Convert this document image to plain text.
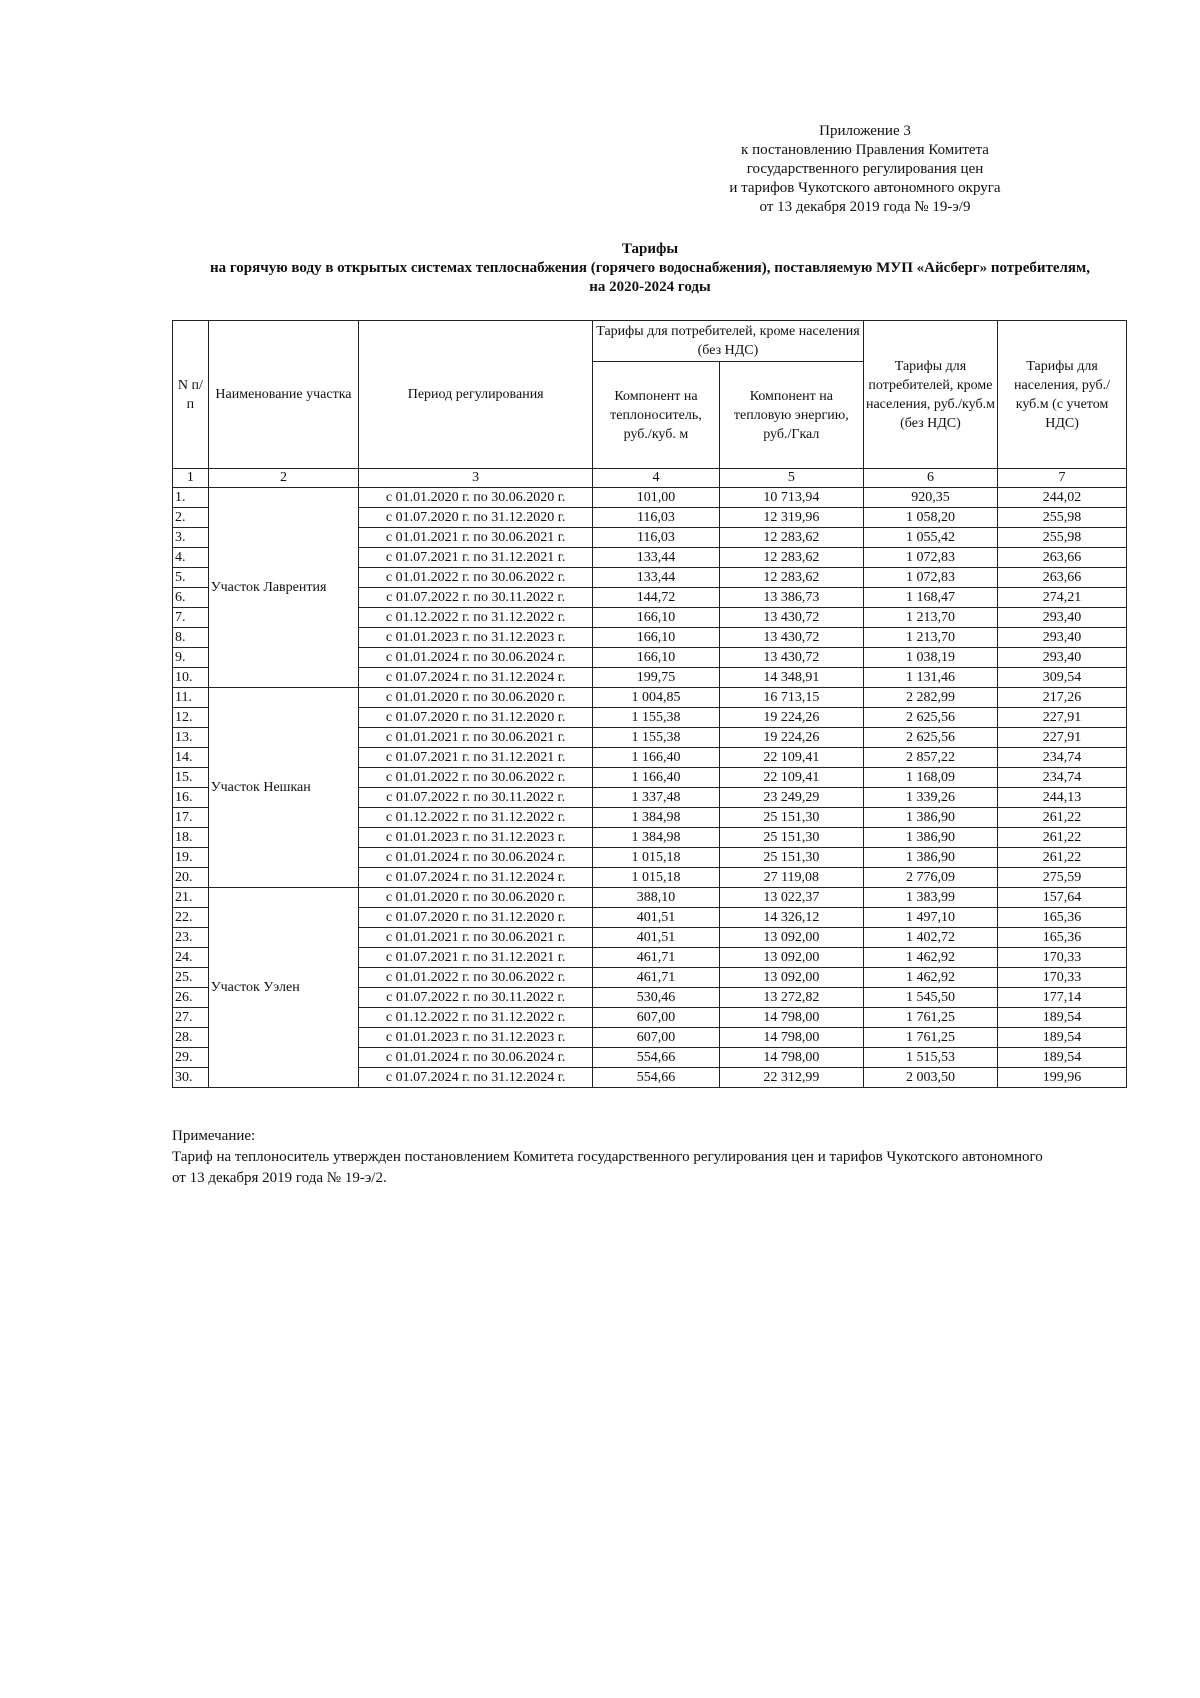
Приложение 3
к постановлению Правления Комитета
государственного регулирования цен
и тарифов Чукотского автономного округа
от 13 декабря 2019 года № 19-э/9
Тарифы
на горячую воду в открытых системах теплоснабжения (горячего водоснабжения), поставляемую МУП «Айсберг» потребителям,
на 2020-2024 годы
N п/п	Наименование участка	Период регулирования	Тарифы для потребителей, кроме населения (без НДС)		Тарифы для потребителей, кроме населения, руб./куб.м (без НДС)	Тарифы для населения, руб./куб.м (с учетом НДС)
			Компонент на теплоноситель, руб./куб. м	Компонент на тепловую энергию, руб./Гкал		
1	2	3	4	5	6	7
1.	Участок Лаврентия	с 01.01.2020 г. по 30.06.2020 г.	101,00	10 713,94	920,35	244,02
2.		с 01.07.2020 г. по 31.12.2020 г.	116,03	12 319,96	1 058,20	255,98
3.		с 01.01.2021 г. по 30.06.2021 г.	116,03	12 283,62	1 055,42	255,98
4.		с 01.07.2021 г. по 31.12.2021 г.	133,44	12 283,62	1 072,83	263,66
5.		с 01.01.2022 г. по 30.06.2022 г.	133,44	12 283,62	1 072,83	263,66
6.		с 01.07.2022 г. по 30.11.2022 г.	144,72	13 386,73	1 168,47	274,21
7.		с 01.12.2022 г. по 31.12.2022 г.	166,10	13 430,72	1 213,70	293,40
8.		с 01.01.2023 г. по 31.12.2023 г.	166,10	13 430,72	1 213,70	293,40
9.		с 01.01.2024 г. по 30.06.2024 г.	166,10	13 430,72	1 038,19	293,40
10.		с 01.07.2024 г. по 31.12.2024 г.	199,75	14 348,91	1 131,46	309,54
11.	Участок Нешкан	с 01.01.2020 г. по 30.06.2020 г.	1 004,85	16 713,15	2 282,99	217,26
12.		с 01.07.2020 г. по 31.12.2020 г.	1 155,38	19 224,26	2 625,56	227,91
13.		с 01.01.2021 г. по 30.06.2021 г.	1 155,38	19 224,26	2 625,56	227,91
14.		с 01.07.2021 г. по 31.12.2021 г.	1 166,40	22 109,41	2 857,22	234,74
15.		с 01.01.2022 г. по 30.06.2022 г.	1 166,40	22 109,41	1 168,09	234,74
16.		с 01.07.2022 г. по 30.11.2022 г.	1 337,48	23 249,29	1 339,26	244,13
17.		с 01.12.2022 г. по 31.12.2022 г.	1 384,98	25 151,30	1 386,90	261,22
18.		с 01.01.2023 г. по 31.12.2023 г.	1 384,98	25 151,30	1 386,90	261,22
19.		с 01.01.2024 г. по 30.06.2024 г.	1 015,18	25 151,30	1 386,90	261,22
20.		с 01.07.2024 г. по 31.12.2024 г.	1 015,18	27 119,08	2 776,09	275,59
21.	Участок Уэлен	с 01.01.2020 г. по 30.06.2020 г.	388,10	13 022,37	1 383,99	157,64
22.		с 01.07.2020 г. по 31.12.2020 г.	401,51	14 326,12	1 497,10	165,36
23.		с 01.01.2021 г. по 30.06.2021 г.	401,51	13 092,00	1 402,72	165,36
24.		с 01.07.2021 г. по 31.12.2021 г.	461,71	13 092,00	1 462,92	170,33
25.		с 01.01.2022 г. по 30.06.2022 г.	461,71	13 092,00	1 462,92	170,33
26.		с 01.07.2022 г. по 30.11.2022 г.	530,46	13 272,82	1 545,50	177,14
27.		с 01.12.2022 г. по 31.12.2022 г.	607,00	14 798,00	1 761,25	189,54
28.		с 01.01.2023 г. по 31.12.2023 г.	607,00	14 798,00	1 761,25	189,54
29.		с 01.01.2024 г. по 30.06.2024 г.	554,66	14 798,00	1 515,53	189,54
30.		с 01.07.2024 г. по 31.12.2024 г.	554,66	22 312,99	2 003,50	199,96
Примечание:
Тариф на теплоноситель утвержден постановлением Комитета государственного регулирования цен и тарифов Чукотского автономного
от 13 декабря 2019 года № 19-э/2.
